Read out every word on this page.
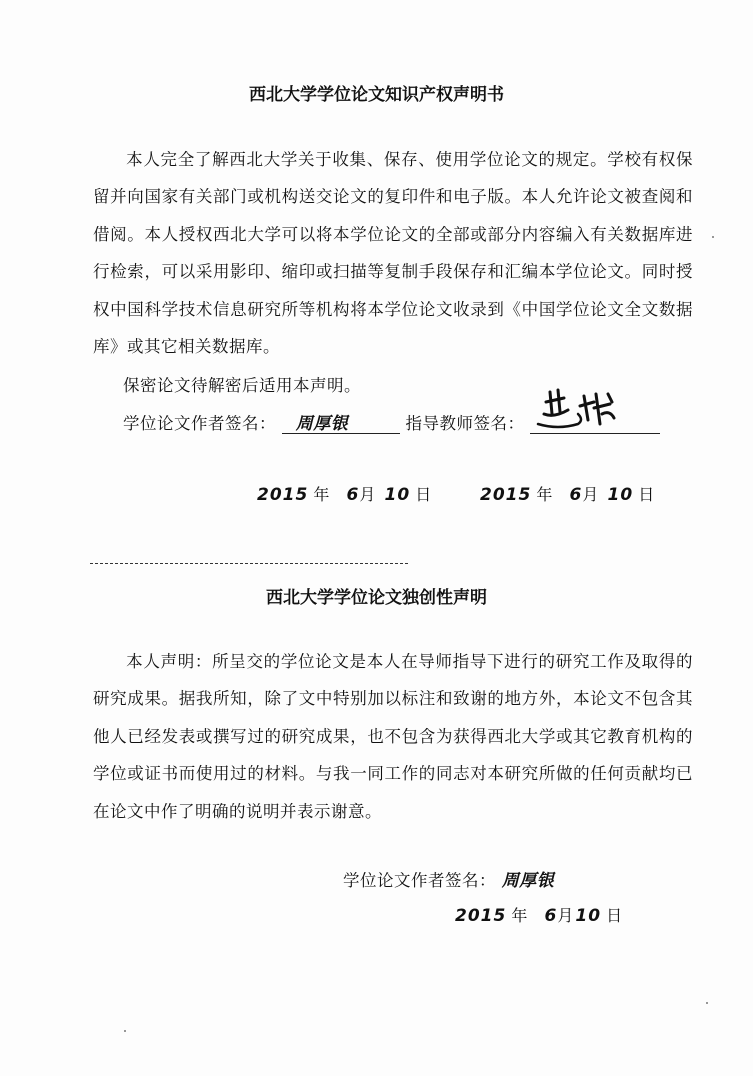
西北大学学位论文知识产权声明书
本人完全了解西北大学关于收集、保存、使用学位论文的规定。学校有权保留并向国家有关部门或机构送交论文的复印件和电子版。本人允许论文被查阅和借阅。本人授权西北大学可以将本学位论文的全部或部分内容编入有关数据库进行检索，可以采用影印、缩印或扫描等复制手段保存和汇编本学位论文。同时授权中国科学技术信息研究所等机构将本学位论文收录到《中国学位论文全文数据库》或其它相关数据库。
保密论文待解密后适用本声明。
学位论文作者签名： 周厚银	指导教师签名：
2015 年 6月 10 日	2015 年 6月 10 日
西北大学学位论文独创性声明
本人声明：所呈交的学位论文是本人在导师指导下进行的研究工作及取得的研究成果。据我所知，除了文中特别加以标注和致谢的地方外，本论文不包含其他人已经发表或撰写过的研究成果，也不包含为获得西北大学或其它教育机构的学位或证书而使用过的材料。与我一同工作的同志对本研究所做的任何贡献均已在论文中作了明确的说明并表示谢意。
学位论文作者签名： 周厚银
2015 年 6月 10 日
